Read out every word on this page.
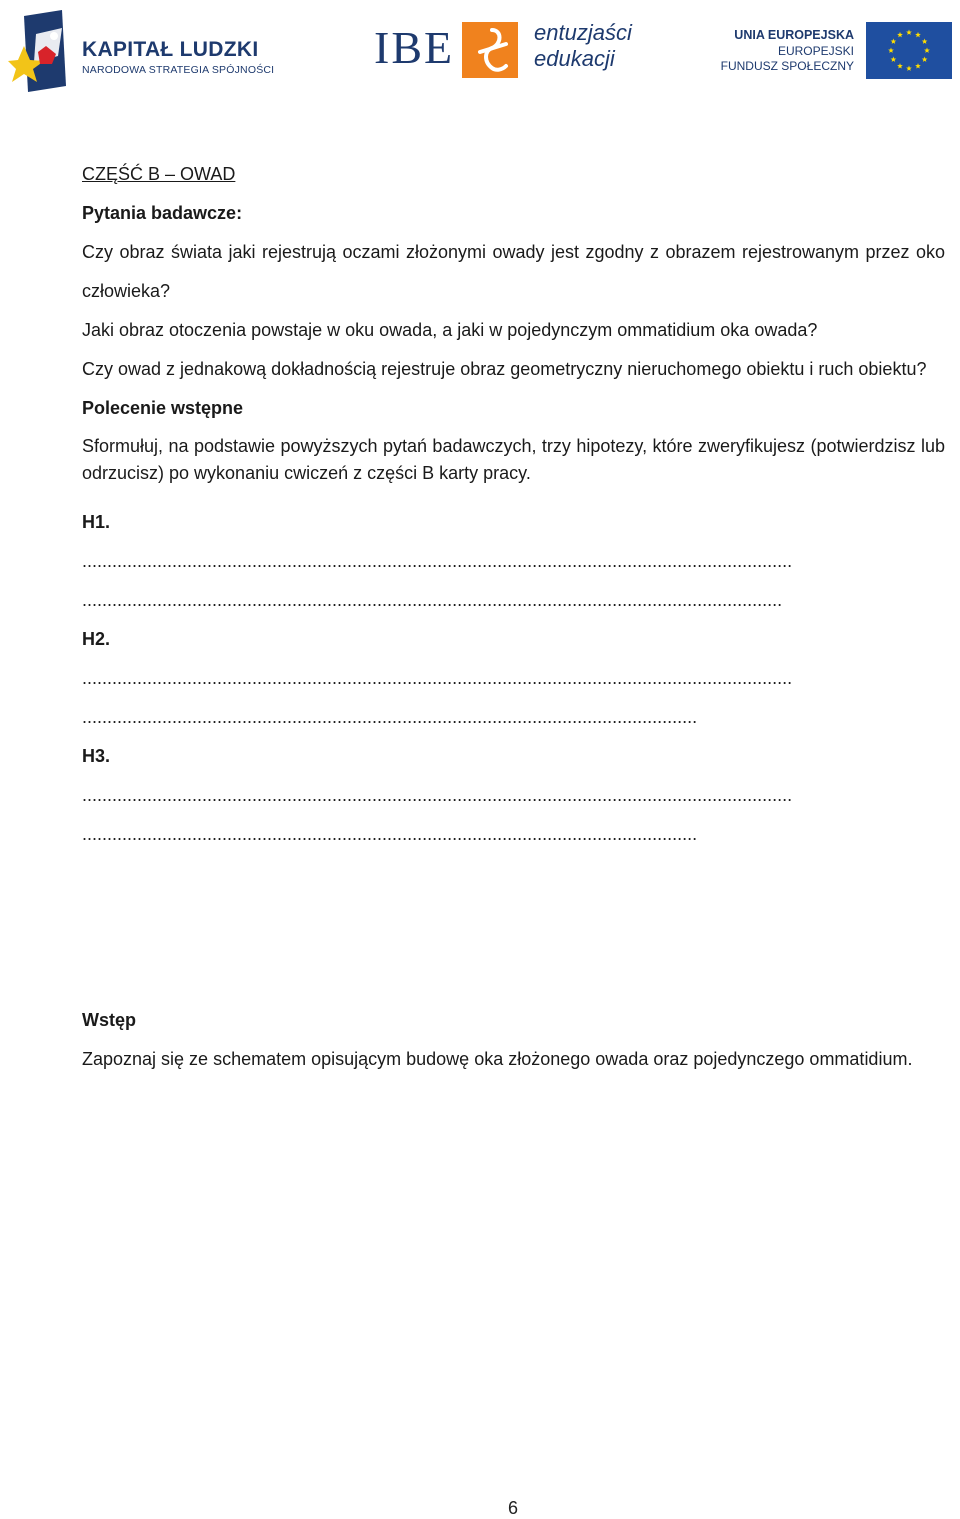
KAPITAŁ LUDZKI
NARODOWA STRATEGIA SPÓJNOŚCI IBE	entuzjaści
edukacji
UNIA EUROPEJSKA
EUROPEJSKI
FUNDUSZ SPOŁECZNY

CZĘŚĆ B – OWAD

Pytania badawcze:

Czy obraz świata jaki rejestrują oczami złożonymi owady jest zgodny z obrazem rejestrowanym przez oko człowieka?

Jaki obraz otoczenia powstaje w oku owada, a jaki w pojedynczym ommatidium oka owada?

Czy owad z jednakową dokładnością rejestruje obraz geometryczny nieruchomego obiektu i ruch obiektu?

Polecenie wstępne

Sformułuj, na podstawie powyższych pytań badawczych, trzy hipotezy, które zweryfikujesz (potwierdzisz lub odrzucisz) po wykonaniu cwiczeń z części B karty pracy.

H1.

..............................................................................................................................................

............................................................................................................................................

H2.

..............................................................................................................................................

...........................................................................................................................

H3.

..............................................................................................................................................

...........................................................................................................................

Wstęp

Zapoznaj się ze schematem opisującym budowę oka złożonego owada oraz pojedynczego ommatidium.

6
